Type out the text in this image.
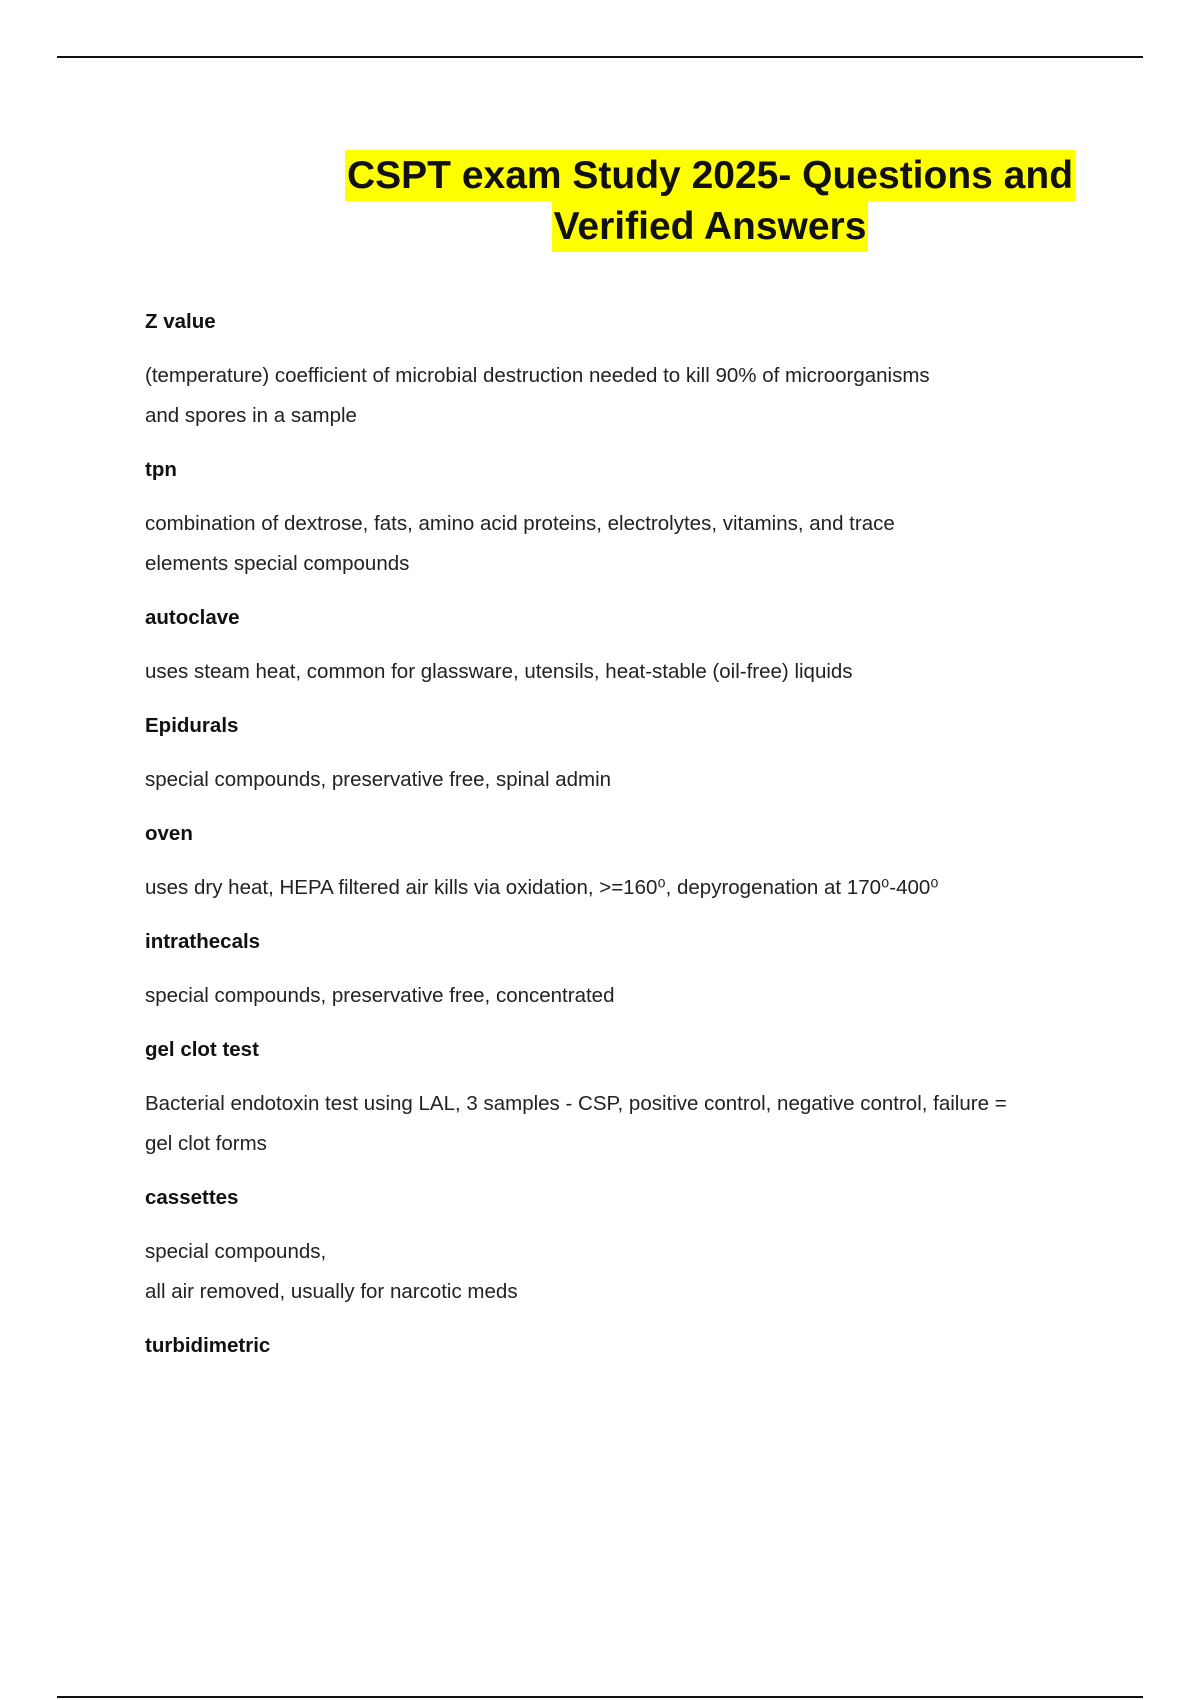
CSPT exam Study 2025- Questions and
Verified Answers

Z value

(temperature) coefficient of microbial destruction needed to kill 90% of microorganisms
and spores in a sample

tpn

combination of dextrose, fats, amino acid proteins, electrolytes, vitamins, and trace
elements special compounds

autoclave

uses steam heat, common for glassware, utensils, heat-stable (oil-free) liquids

Epidurals

special compounds, preservative free, spinal admin

oven

uses dry heat, HEPA filtered air kills via oxidation, >=160⁰, depyrogenation at 170⁰-400⁰

intrathecals

special compounds, preservative free, concentrated

gel clot test

Bacterial endotoxin test using LAL, 3 samples - CSP, positive control, negative control, failure =
gel clot forms

cassettes

special compounds,
all air removed, usually for narcotic meds

turbidimetric
